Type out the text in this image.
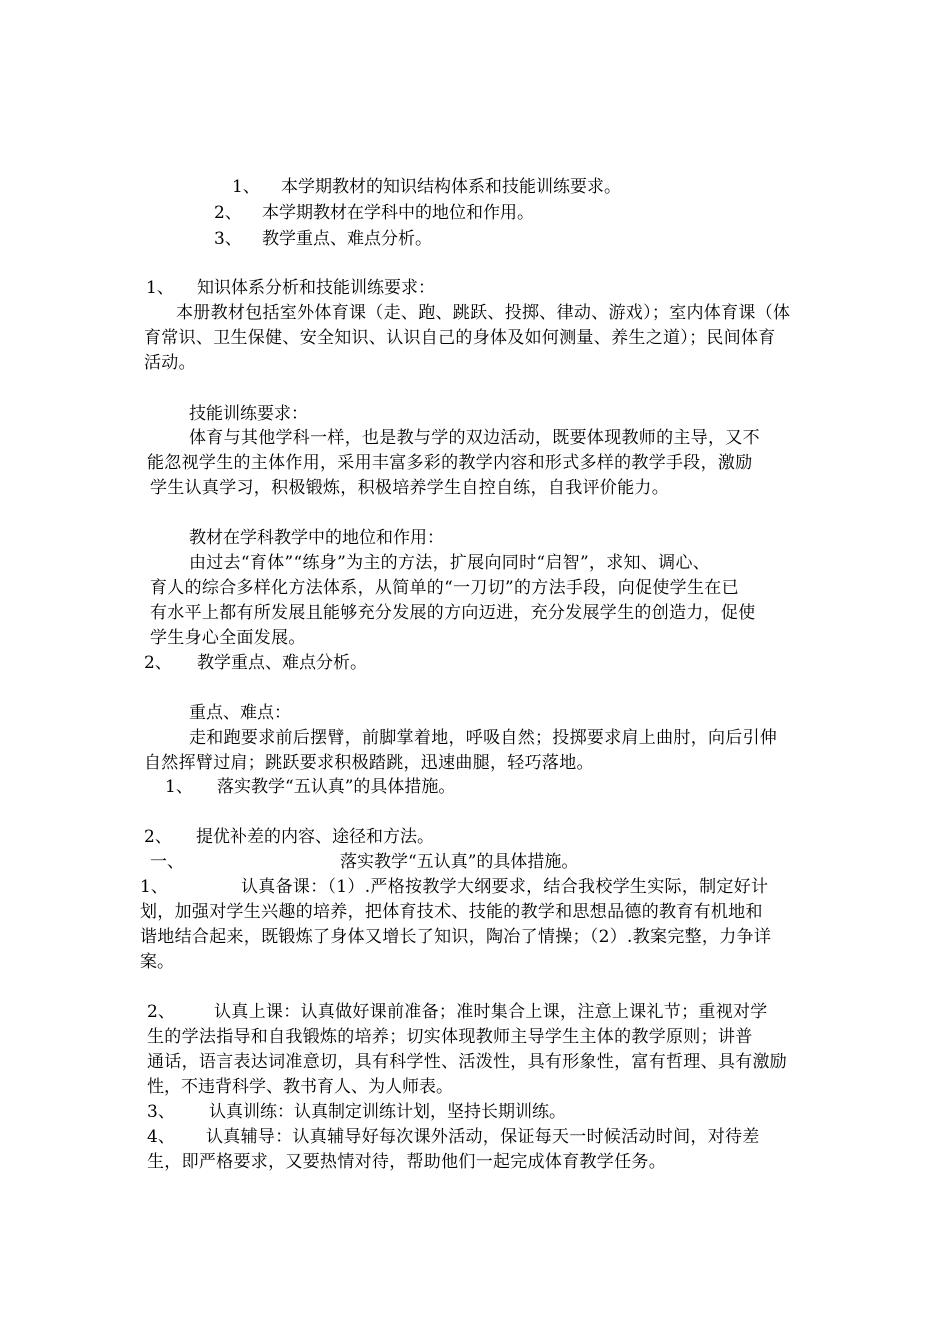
1、 本学期教材的知识结构体系和技能训练要求。
2、 本学期教材在学科中的地位和作用。
3、 教学重点、难点分析。
1、 知识体系分析和技能训练要求：
本册教材包括室外体育课（走、跑、跳跃、投掷、律动、游戏）；室内体育课（体
育常识、卫生保健、安全知识、认识自己的身体及如何测量、养生之道）；民间体育
活动。
技能训练要求：
体育与其他学科一样，也是教与学的双边活动，既要体现教师的主导，又不
能忽视学生的主体作用，采用丰富多彩的教学内容和形式多样的教学手段，激励
学生认真学习，积极锻炼，积极培养学生自控自练，自我评价能力。
教材在学科教学中的地位和作用：
由过去“育体”“练身”为主的方法，扩展向同时“启智”，求知、调心、
育人的综合多样化方法体系，从简单的“一刀切”的方法手段，向促使学生在已
有水平上都有所发展且能够充分发展的方向迈进，充分发展学生的创造力，促使
学生身心全面发展。
2、 教学重点、难点分析。
重点、难点：
走和跑要求前后摆臂，前脚掌着地，呼吸自然；投掷要求肩上曲肘，向后引伸
自然挥臂过肩；跳跃要求积极踏跳，迅速曲腿，轻巧落地。
1、 落实教学“五认真”的具体措施。
2、 提优补差的内容、途径和方法。
一、	落实教学“五认真”的具体措施。
1、	认真备课：（1）.严格按教学大纲要求，结合我校学生实际，制定好计
划，加强对学生兴趣的培养，把体育技术、技能的教学和思想品德的教育有机地和
谐地结合起来，既锻炼了身体又增长了知识，陶冶了情操；（2）.教案完整，力争详
案。
2、 认真上课：认真做好课前准备；准时集合上课，注意上课礼节；重视对学
生的学法指导和自我锻炼的培养；切实体现教师主导学生主体的教学原则；讲普
通话，语言表达词准意切，具有科学性、活泼性，具有形象性，富有哲理、具有激励
性，不违背科学、教书育人、为人师表。
3、 认真训练：认真制定训练计划，坚持长期训练。
4、 认真辅导：认真辅导好每次课外活动，保证每天一时候活动时间，对待差
生，即严格要求，又要热情对待，帮助他们一起完成体育教学任务。
